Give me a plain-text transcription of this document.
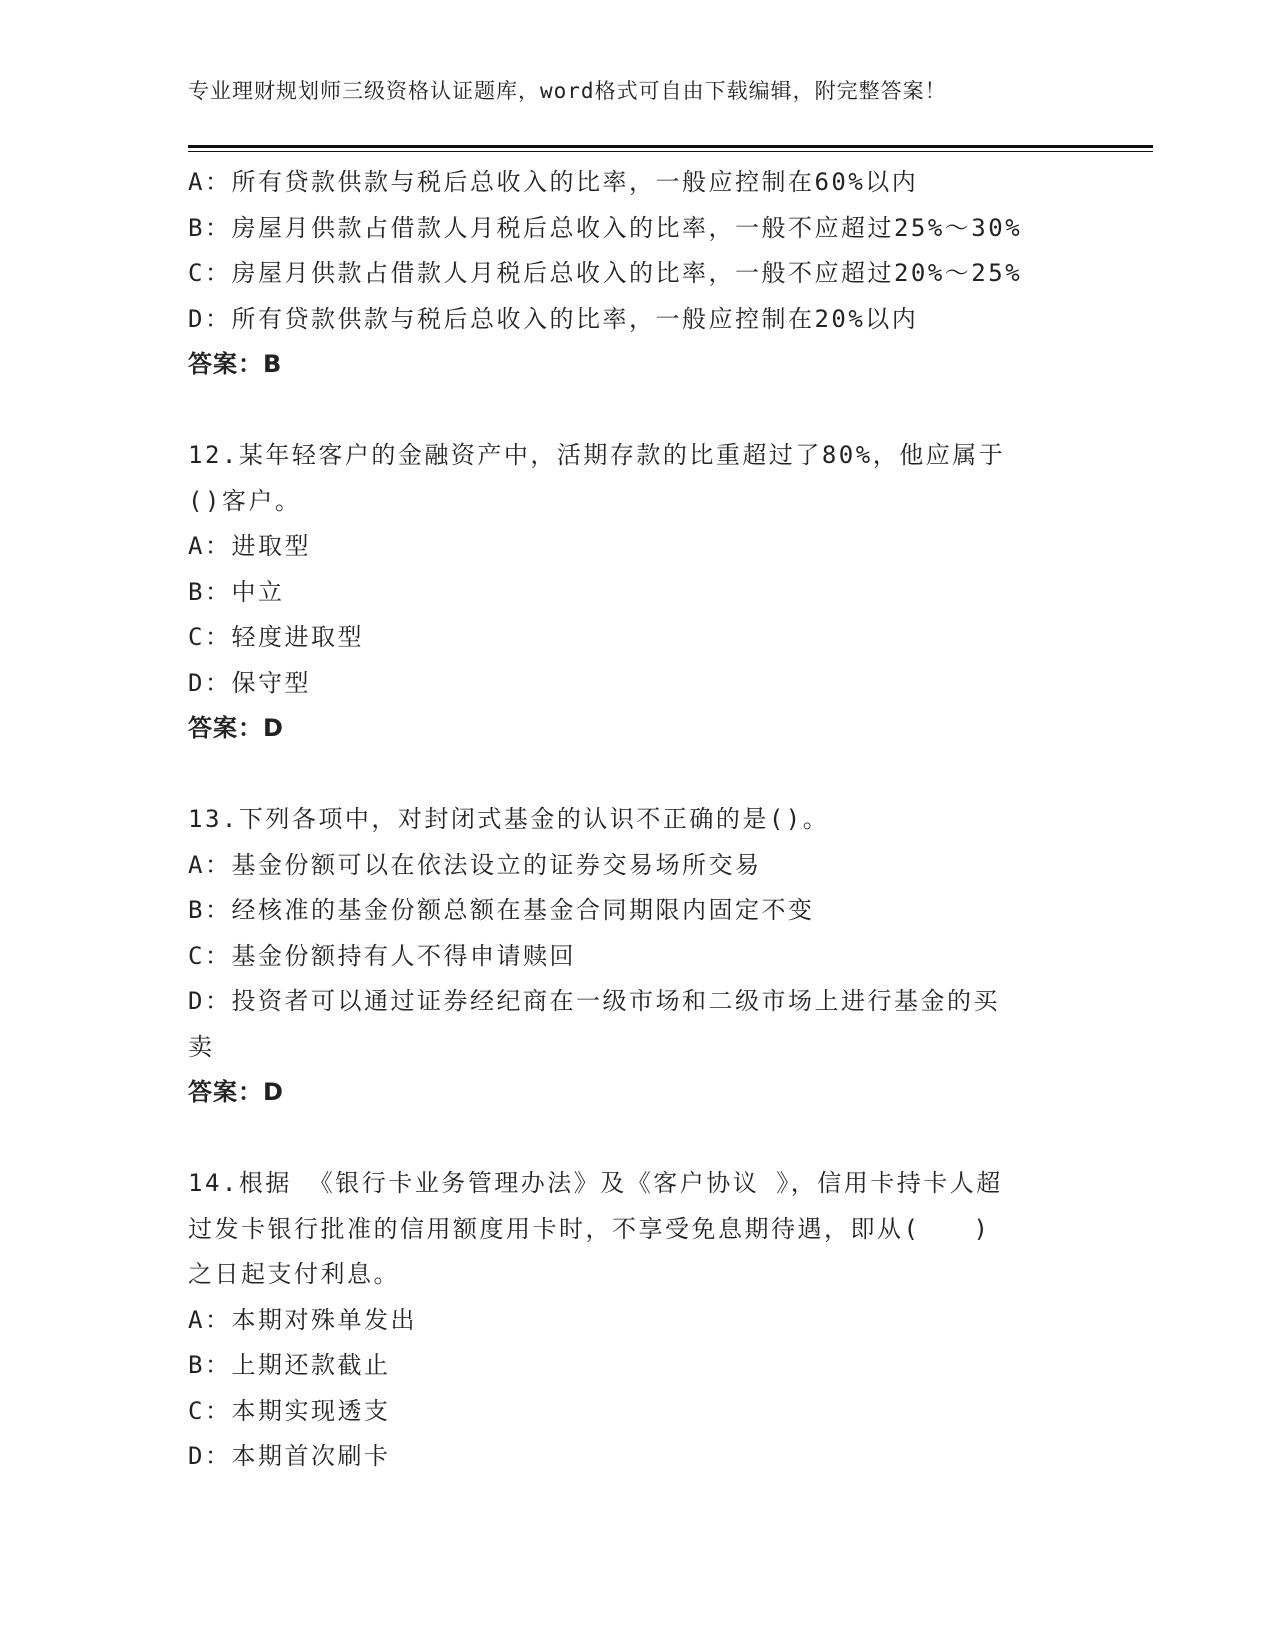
专业理财规划师三级资格认证题库，word格式可自由下载编辑，附完整答案！
A：所有贷款供款与税后总收入的比率，一般应控制在60%以内
B：房屋月供款占借款人月税后总收入的比率，一般不应超过25%～30%
C：房屋月供款占借款人月税后总收入的比率，一般不应超过20%～25%
D：所有贷款供款与税后总收入的比率，一般应控制在20%以内
答案：B
12.某年轻客户的金融资产中，活期存款的比重超过了80%，他应属于
()客户。
A：进取型
B：中立
C：轻度进取型
D：保守型
答案：D
13.下列各项中，对封闭式基金的认识不正确的是()。
A：基金份额可以在依法设立的证券交易场所交易
B：经核准的基金份额总额在基金合同期限内固定不变
C：基金份额持有人不得申请赎回
D：投资者可以通过证券经纪商在一级市场和二级市场上进行基金的买
卖
答案：D
14.根据 《银行卡业务管理办法》及《客户协议 》，信用卡持卡人超
过发卡银行批准的信用额度用卡时，不享受免息期待遇，即从(　　)
之日起支付利息。
A：本期对殊单发出
B：上期还款截止
C：本期实现透支
D：本期首次刷卡
